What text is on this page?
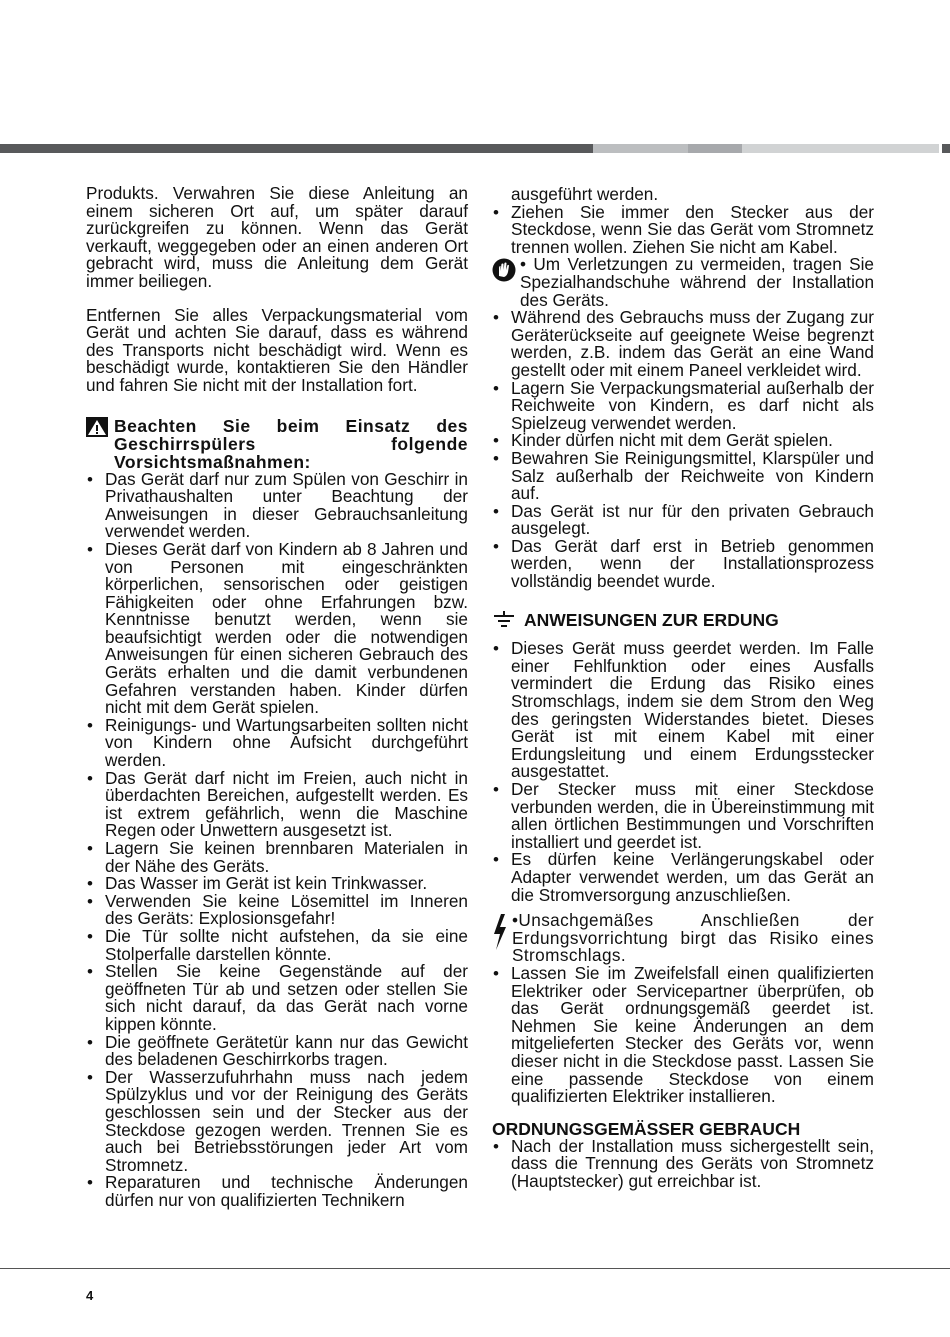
Produkts. Verwahren Sie diese Anleitung an einem sicheren Ort auf, um später darauf zurückgreifen zu können. Wenn das Gerät verkauft, weggegeben oder an einen anderen Ort gebracht wird, muss die Anleitung dem Gerät immer beiliegen.

Entfernen Sie alles Verpackungsmaterial vom Gerät und achten Sie darauf, dass es während des Transports nicht beschädigt wird. Wenn es beschädigt wurde, kontaktieren Sie den Händler und fahren Sie nicht mit der Installation fort.

Beachten Sie beim Einsatz des Geschirrspülers folgende Vorsichtsmaßnahmen:
• Das Gerät darf nur zum Spülen von Geschirr in Privathaushalten unter Beachtung der Anweisungen in dieser Gebrauchsanleitung verwendet werden.
• Dieses Gerät darf von Kindern ab 8 Jahren und von Personen mit eingeschränkten körperlichen, sensorischen oder geistigen Fähigkeiten oder ohne Erfahrungen bzw. Kenntnisse benutzt werden, wenn sie beaufsichtigt werden oder die notwendigen Anweisungen für einen sicheren Gebrauch des Geräts erhalten und die damit verbundenen Gefahren verstanden haben. Kinder dürfen nicht mit dem Gerät spielen.
• Reinigungs- und Wartungsarbeiten sollten nicht von Kindern ohne Aufsicht durchgeführt werden.
• Das Gerät darf nicht im Freien, auch nicht in überdachten Bereichen, aufgestellt werden. Es ist extrem gefährlich, wenn die Maschine Regen oder Unwettern ausgesetzt ist.
• Lagern Sie keinen brennbaren Materialen in der Nähe des Geräts.
• Das Wasser im Gerät ist kein Trinkwasser.
• Verwenden Sie keine Lösemittel im Inneren des Geräts: Explosionsgefahr!
• Die Tür sollte nicht aufstehen, da sie eine Stolperfalle darstellen könnte.
• Stellen Sie keine Gegenstände auf der geöffneten Tür ab und setzen oder stellen Sie sich nicht darauf, da das Gerät nach vorne kippen könnte.
• Die geöffnete Gerätetür kann nur das Gewicht des beladenen Geschirrkorbs tragen.
• Der Wasserzufuhrhahn muss nach jedem Spülzyklus und vor der Reinigung des Geräts geschlossen sein und der Stecker aus der Steckdose gezogen werden. Trennen Sie es auch bei Betriebsstörungen jeder Art vom Stromnetz.
• Reparaturen und technische Änderungen dürfen nur von qualifizierten Technikern

ausgeführt werden.

• Ziehen Sie immer den Stecker aus der Steckdose, wenn Sie das Gerät vom Stromnetz trennen wollen. Ziehen Sie nicht am Kabel.
• Um Verletzungen zu vermeiden, tragen Sie Spezialhandschuhe während der Installation des Geräts.
• Während des Gebrauchs muss der Zugang zur Geräterückseite auf geeignete Weise begrenzt werden, z.B. indem das Gerät an eine Wand gestellt oder mit einem Paneel verkleidet wird.
• Lagern Sie Verpackungsmaterial außerhalb der Reichweite von Kindern, es darf nicht als Spielzeug verwendet werden.
• Kinder dürfen nicht mit dem Gerät spielen.
• Bewahren Sie Reinigungsmittel, Klarspüler und Salz außerhalb der Reichweite von Kindern auf.
• Das Gerät ist nur für den privaten Gebrauch ausgelegt.
• Das Gerät darf erst in Betrieb genommen werden, wenn der Installationsprozess vollständig beendet wurde.
ANWEISUNGEN ZUR ERDUNG
• Dieses Gerät muss geerdet werden. Im Falle einer Fehlfunktion oder eines Ausfalls vermindert die Erdung das Risiko eines Stromschlags, indem sie dem Strom den Weg des geringsten Widerstandes bietet. Dieses Gerät ist mit einem Kabel mit einer Erdungsleitung und einem Erdungsstecker ausgestattet.
• Der Stecker muss mit einer Steckdose verbunden werden, die in Übereinstimmung mit allen örtlichen Bestimmungen und Vorschriften installiert und geerdet ist.
• Es dürfen keine Verlängerungskabel oder Adapter verwendet werden, um das Gerät an die Stromversorgung anzuschließen.
•Unsachgemäßes Anschließen der Erdungsvorrichtung birgt das Risiko eines Stromschlags.
• Lassen Sie im Zweifelsfall einen qualifizierten Elektriker oder Servicepartner überprüfen, ob das Gerät ordnungsgemäß geerdet ist. Nehmen Sie keine Änderungen an dem mitgelieferten Stecker des Geräts vor, wenn dieser nicht in die Steckdose passt. Lassen Sie eine passende Steckdose von einem qualifizierten Elektriker installieren.
ORDNUNGSGEMÄSSER GEBRAUCH
• Nach der Installation muss sichergestellt sein, dass die Trennung des Geräts von Stromnetz (Hauptstecker) gut erreichbar ist.
4
